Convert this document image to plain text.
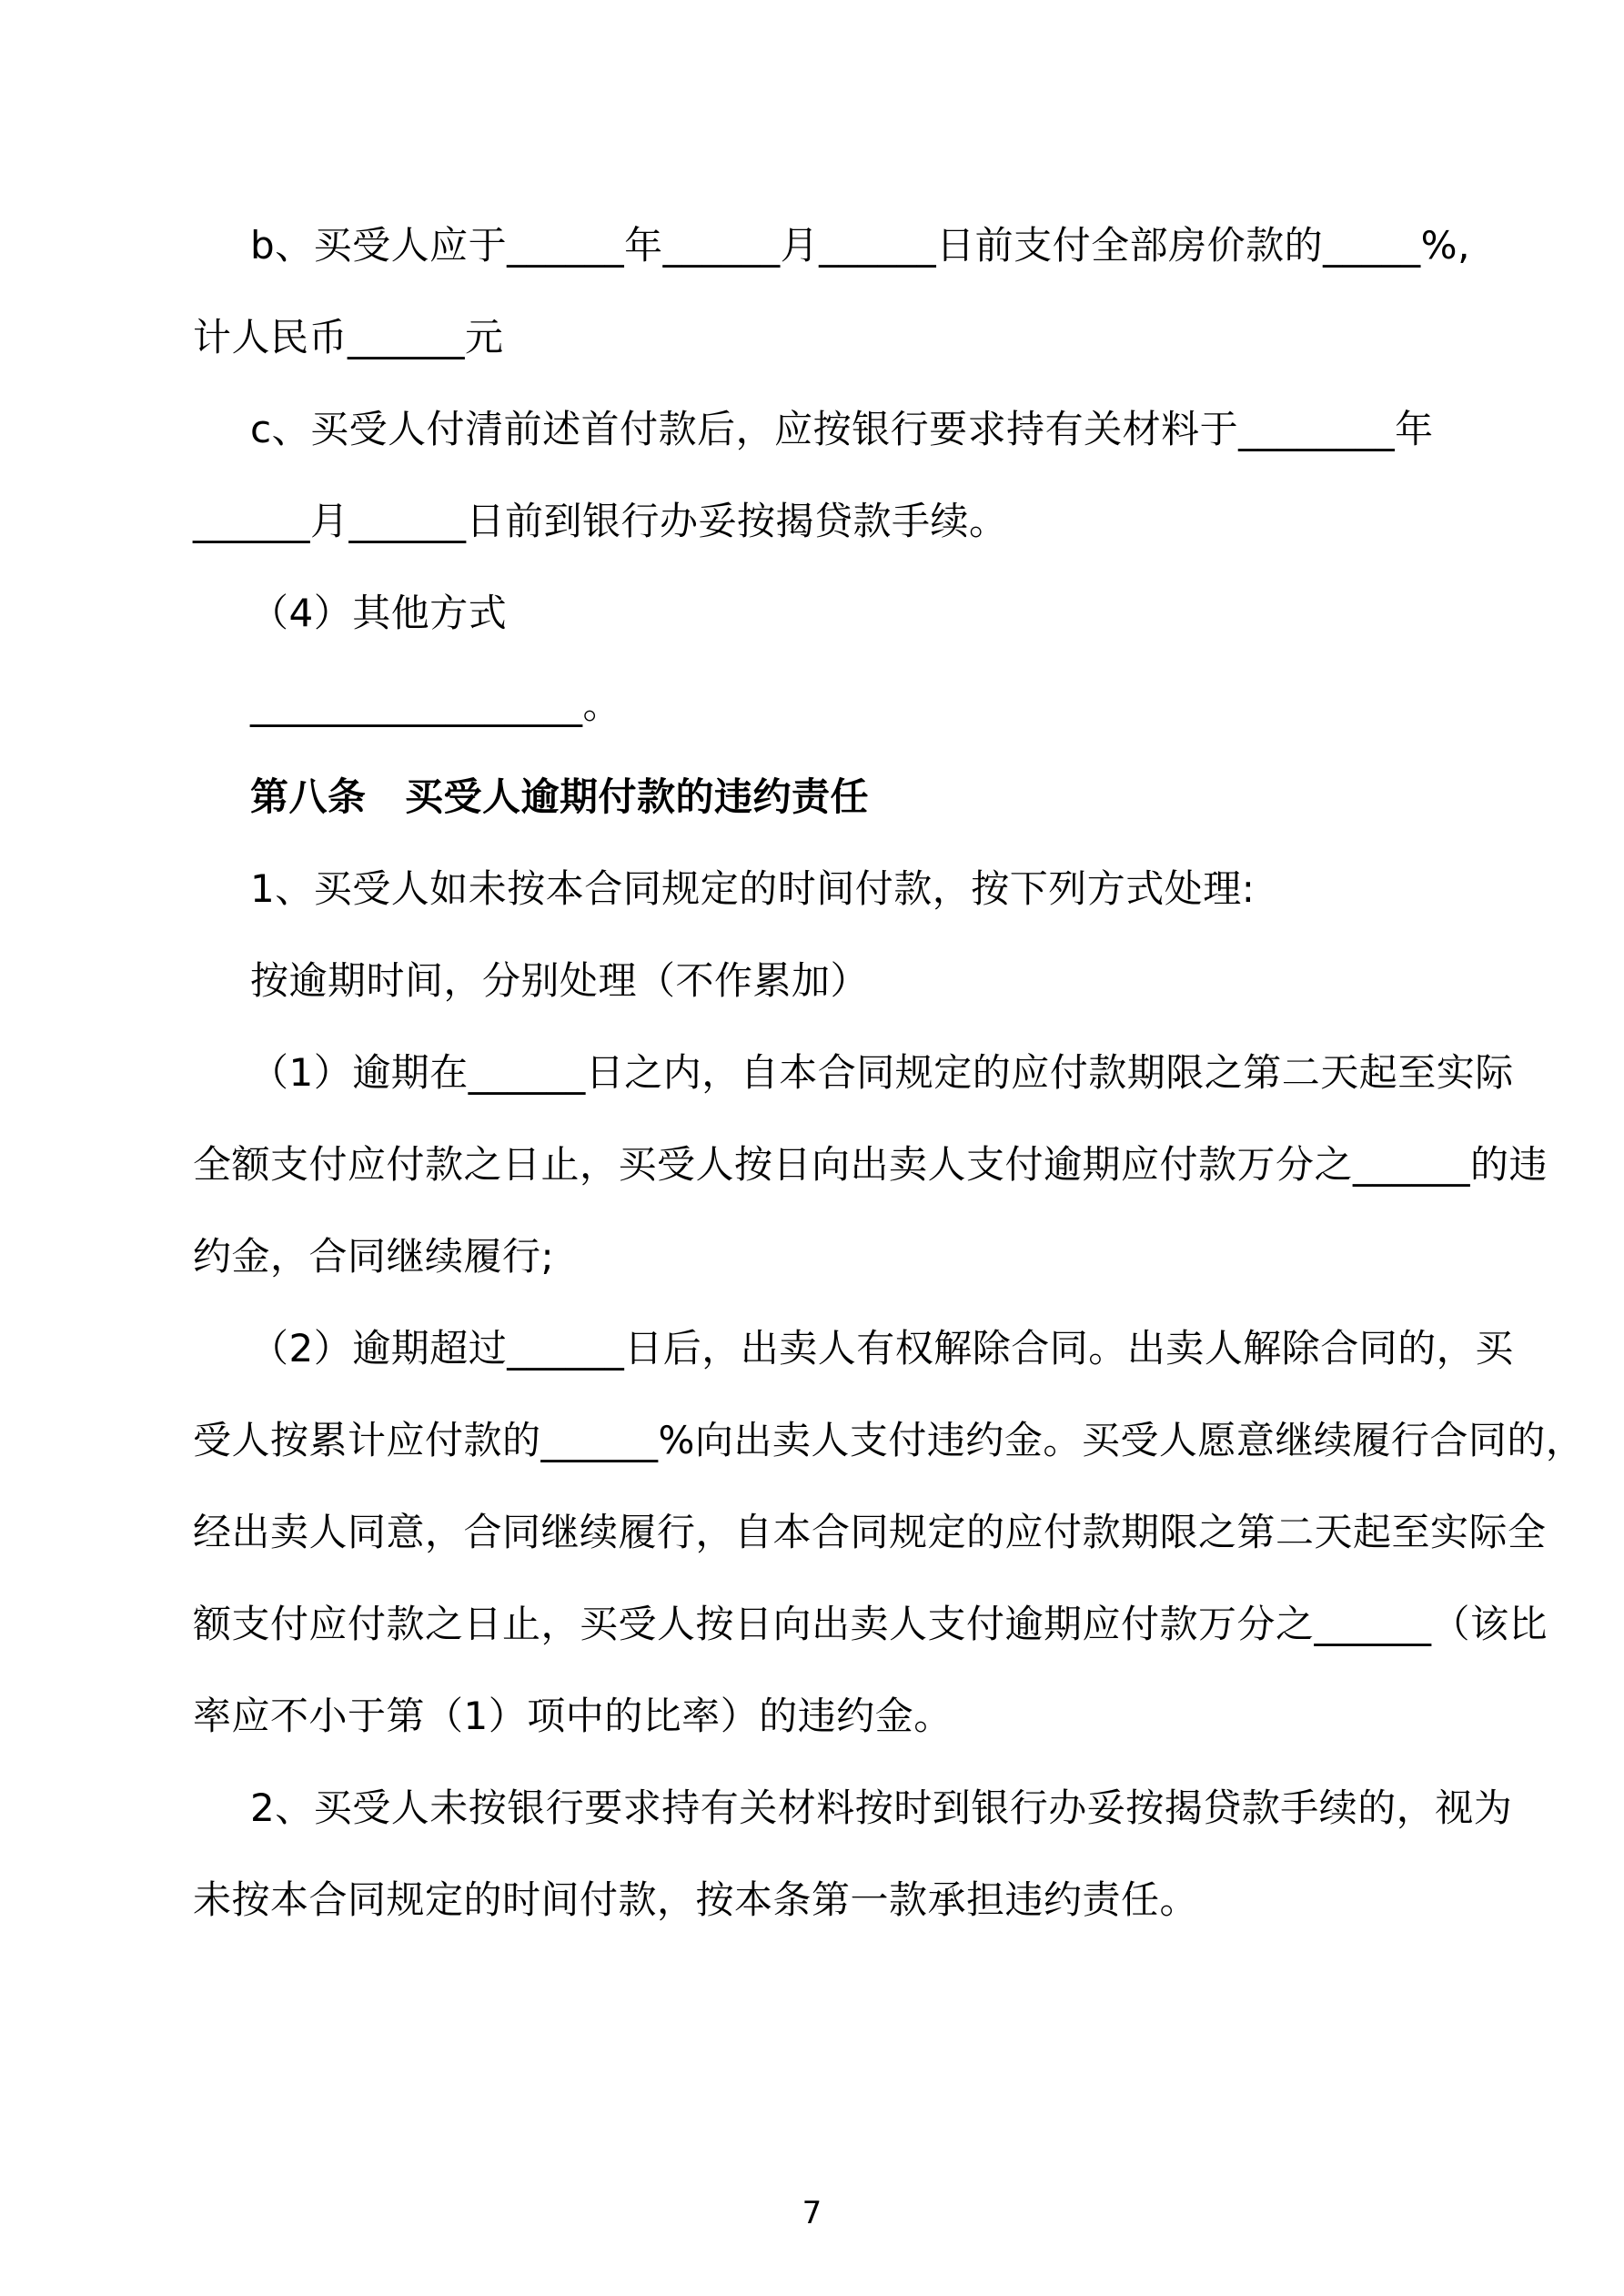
b、买受人应于______年______月______日前支付全部房价款的_____%,
计人民币______元
c、买受人付清前述首付款后，应按银行要求持有关材料于________年
______月______日前到银行办妥按揭贷款手续。
（4）其他方式
_________________。
第八条　买受人逾期付款的违约责任
1、买受人如未按本合同规定的时间付款，按下列方式处理:
按逾期时间，分别处理（不作累加）
（1）逾期在______日之内，自本合同规定的应付款期限之第二天起至实际
全额支付应付款之日止，买受人按日向出卖人支付逾期应付款万分之______的违
约金，合同继续履行;
（2）逾期超过______日后，出卖人有权解除合同。出卖人解除合同的，买
受人按累计应付款的______%向出卖人支付违约金。买受人愿意继续履行合同的，
经出卖人同意，合同继续履行，自本合同规定的应付款期限之第二天起至实际全
额支付应付款之日止，买受人按日向出卖人支付逾期应付款万分之______（该比
率应不小于第（1）项中的比率）的违约金。
2、买受人未按银行要求持有关材料按时到银行办妥按揭贷款手续的，视为
未按本合同规定的时间付款，按本条第一款承担违约责任。
7
